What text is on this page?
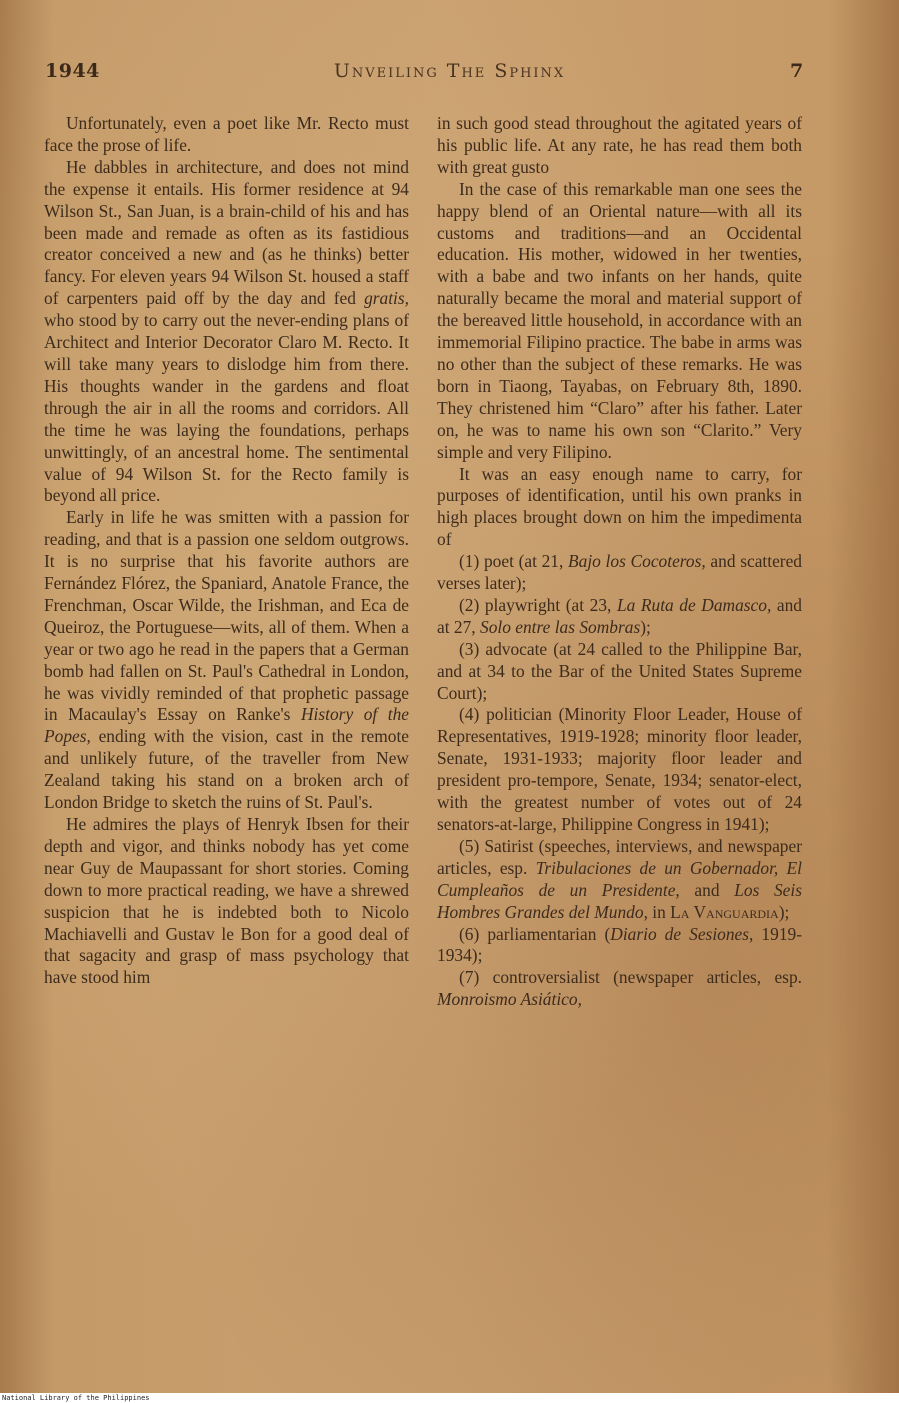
1944	Unveiling The Sphinx	7

Unfortunately, even a poet like Mr. Recto must face the prose of life.

He dabbles in architecture, and does not mind the expense it entails. His former residence at 94 Wilson St., San Juan, is a brain-child of his and has been made and remade as often as its fastidious creator conceived a new and (as he thinks) better fancy. For eleven years 94 Wilson St. housed a staff of carpenters paid off by the day and fed gratis, who stood by to carry out the never-ending plans of Architect and Interior Decorator Claro M. Recto. It will take many years to dislodge him from there. His thoughts wander in the gardens and float through the air in all the rooms and corridors. All the time he was laying the foundations, perhaps unwittingly, of an ancestral home. The sentimental value of 94 Wilson St. for the Recto family is beyond all price.

Early in life he was smitten with a passion for reading, and that is a passion one seldom outgrows. It is no surprise that his favorite authors are Fernández Flórez, the Spaniard, Anatole France, the Frenchman, Oscar Wilde, the Irishman, and Eca de Queiroz, the Portuguese—wits, all of them. When a year or two ago he read in the papers that a German bomb had fallen on St. Paul's Cathedral in London, he was vividly reminded of that prophetic passage in Macaulay's Essay on Ranke's History of the Popes, ending with the vision, cast in the remote and unlikely future, of the traveller from New Zealand taking his stand on a broken arch of London Bridge to sketch the ruins of St. Paul's.

He admires the plays of Henryk Ibsen for their depth and vigor, and thinks nobody has yet come near Guy de Maupassant for short stories. Coming down to more practical reading, we have a shrewed suspicion that he is indebted both to Nicolo Machiavelli and Gustav le Bon for a good deal of that sagacity and grasp of mass psychology that have stood him

in such good stead throughout the agitated years of his public life. At any rate, he has read them both with great gusto

In the case of this remarkable man one sees the happy blend of an Oriental nature—with all its customs and traditions—and an Occidental education. His mother, widowed in her twenties, with a babe and two infants on her hands, quite naturally became the moral and material support of the bereaved little household, in accordance with an immemorial Filipino practice. The babe in arms was no other than the subject of these remarks. He was born in Tiaong, Tayabas, on February 8th, 1890. They christened him “Claro” after his father. Later on, he was to name his own son “Clarito.” Very simple and very Filipino.

It was an easy enough name to carry, for purposes of identification, until his own pranks in high places brought down on him the impedimenta of

(1) poet (at 21, Bajo los Cocoteros, and scattered verses later);

(2) playwright (at 23, La Ruta de Damasco, and at 27, Solo entre las Sombras);

(3) advocate (at 24 called to the Philippine Bar, and at 34 to the Bar of the United States Supreme Court);

(4) politician (Minority Floor Leader, House of Representatives, 1919-1928; minority floor leader, Senate, 1931-1933; majority floor leader and president pro-tempore, Senate, 1934; senator-elect, with the greatest number of votes out of 24 senators-at-large, Philippine Congress in 1941);

(5) Satirist (speeches, interviews, and newspaper articles, esp. Tribulaciones de un Gobernador, El Cumpleaños de un Presidente, and Los Seis Hombres Grandes del Mundo, in La Vanguardia);

(6) parliamentarian (Diario de Sesiones, 1919-1934);

(7) controversialist (newspaper articles, esp. Monroismo Asiático,

National Library of the Philippines
